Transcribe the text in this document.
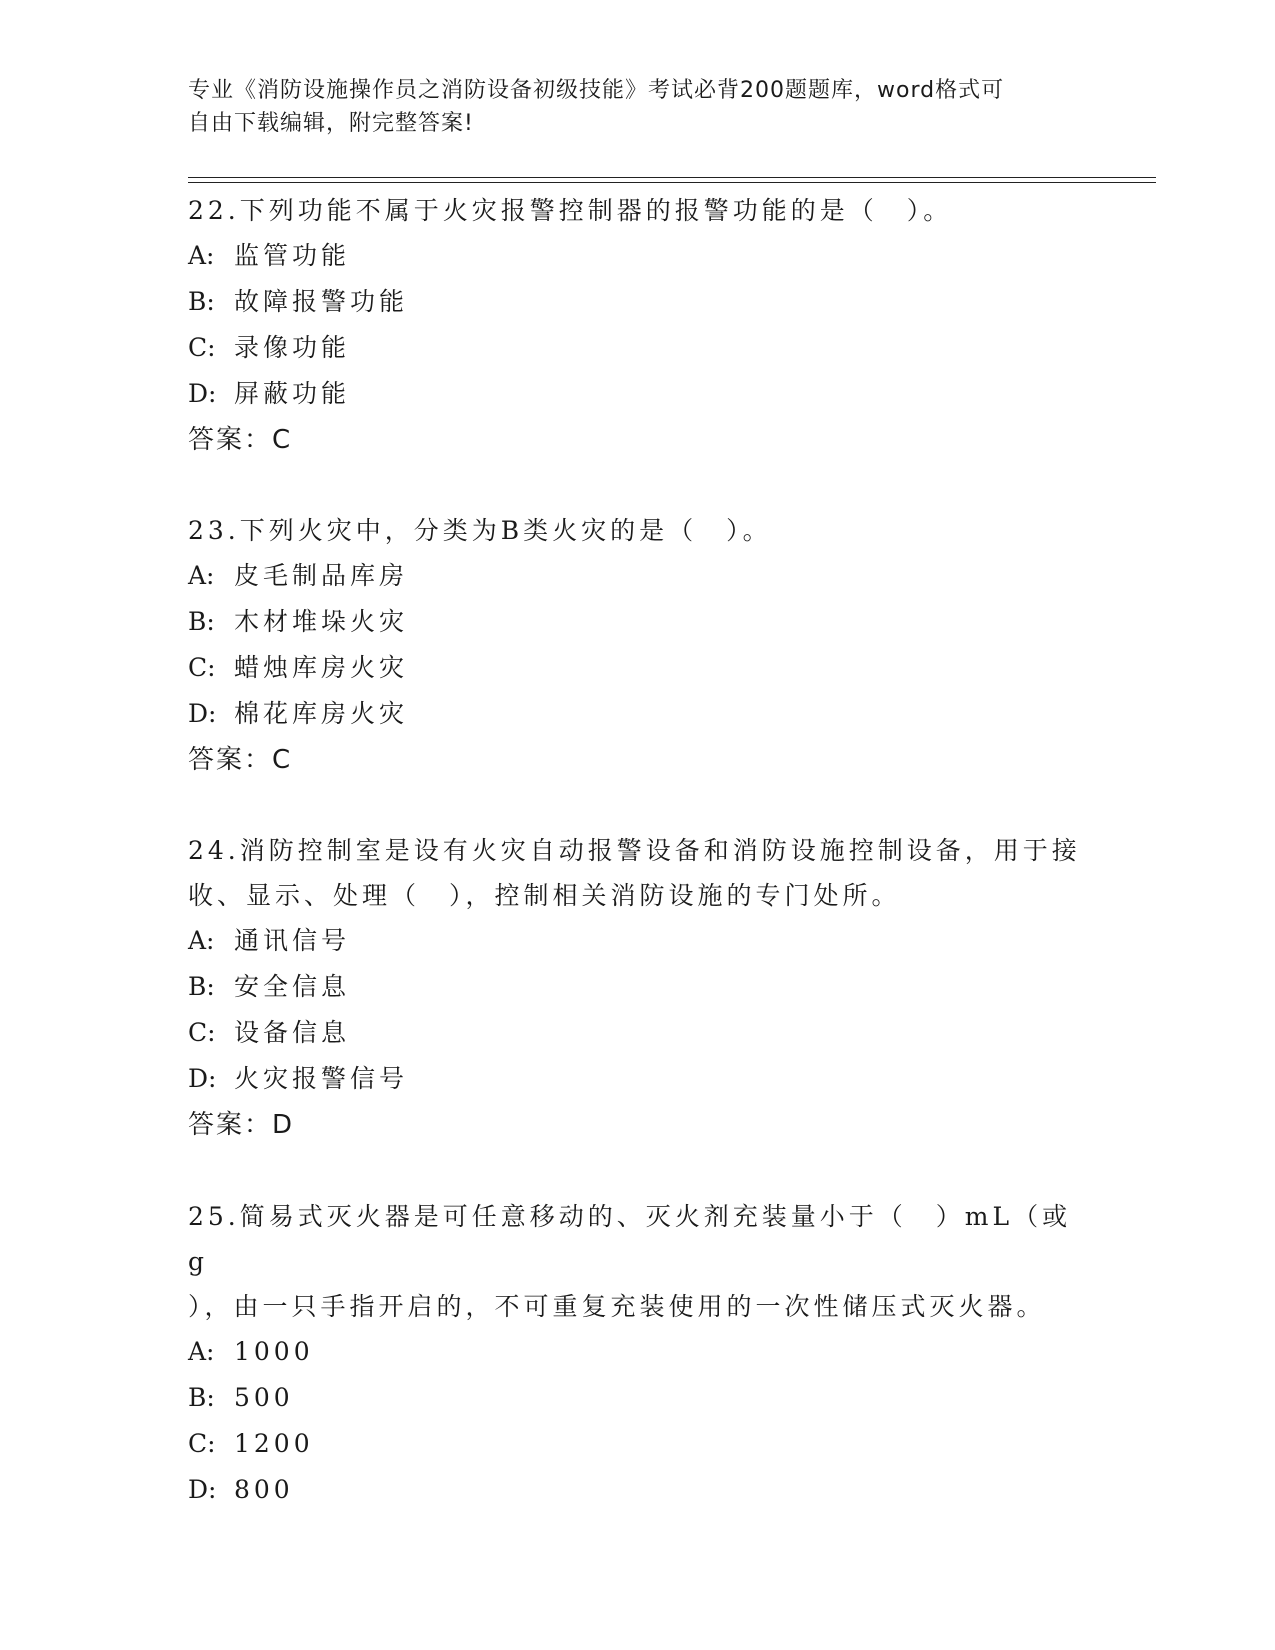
专业《消防设施操作员之消防设备初级技能》考试必背200题题库，word格式可
自由下载编辑，附完整答案!

22.下列功能不属于火灾报警控制器的报警功能的是（　）。

A: 监管功能

B: 故障报警功能

C: 录像功能

D: 屏蔽功能

答案：C

23.下列火灾中，分类为B类火灾的是（　）。

A: 皮毛制品库房

B: 木材堆垛火灾

C: 蜡烛库房火灾

D: 棉花库房火灾

答案：C

24.消防控制室是设有火灾自动报警设备和消防设施控制设备，用于接

收、显示、处理（　），控制相关消防设施的专门处所。

A: 通讯信号

B: 安全信息

C: 设备信息

D: 火灾报警信号

答案：D

25.简易式灭火器是可任意移动的、灭火剂充装量小于（　）mL（或g

），由一只手指开启的，不可重复充装使用的一次性储压式灭火器。

A: 1000

B: 500

C: 1200

D: 800
